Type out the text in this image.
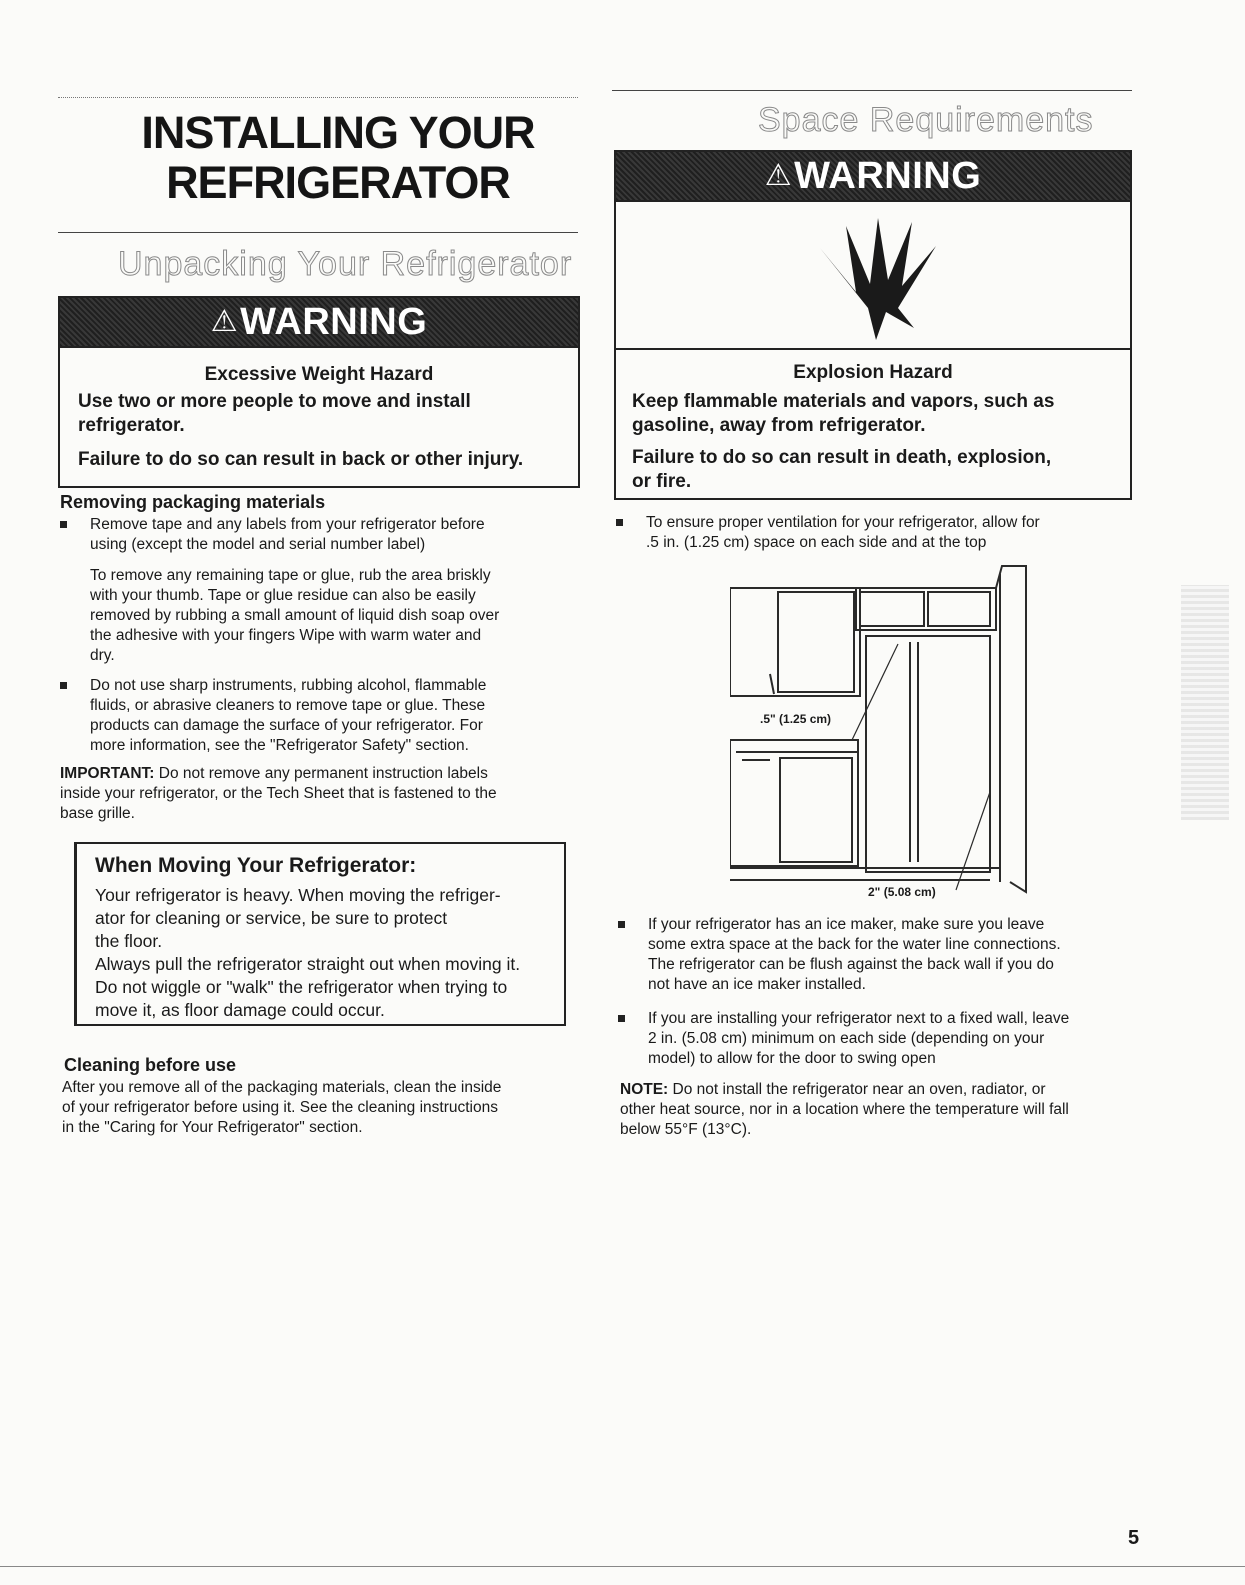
INSTALLING YOUR
REFRIGERATOR
Unpacking Your Refrigerator
⚠WARNING
Excessive Weight Hazard
Use two or more people to move and install
refrigerator.
Failure to do so can result in back or other injury.
Removing packaging materials
Remove tape and any labels from your refrigerator before
using (except the model and serial number label)
To remove any remaining tape or glue, rub the area briskly
with your thumb. Tape or glue residue can also be easily
removed by rubbing a small amount of liquid dish soap over
the adhesive with your fingers Wipe with warm water and
dry.
Do not use sharp instruments, rubbing alcohol, flammable
fluids, or abrasive cleaners to remove tape or glue. These
products can damage the surface of your refrigerator. For
more information, see the "Refrigerator Safety" section.
IMPORTANT: Do not remove any permanent instruction labels
inside your refrigerator, or the Tech Sheet that is fastened to the
base grille.
When Moving Your Refrigerator:
Your refrigerator is heavy. When moving the refriger-
ator for cleaning or service, be sure to protect
the floor.
Always pull the refrigerator straight out when moving it.
Do not wiggle or "walk" the refrigerator when trying to
move it, as floor damage could occur.
Cleaning before use
After you remove all of the packaging materials, clean the inside
of your refrigerator before using it. See the cleaning instructions
in the "Caring for Your Refrigerator" section.
Space Requirements
⚠WARNING
Explosion Hazard
Keep flammable materials and vapors, such as
gasoline, away from refrigerator.
Failure to do so can result in death, explosion,
or fire.
To ensure proper ventilation for your refrigerator, allow for
.5 in. (1.25 cm) space on each side and at the top
.5" (1.25 cm)
2" (5.08 cm)
If your refrigerator has an ice maker, make sure you leave
some extra space at the back for the water line connections.
The refrigerator can be flush against the back wall if you do
not have an ice maker installed.
If you are installing your refrigerator next to a fixed wall, leave
2 in. (5.08 cm) minimum on each side (depending on your
model) to allow for the door to swing open
NOTE: Do not install the refrigerator near an oven, radiator, or
other heat source, nor in a location where the temperature will fall
below 55°F (13°C).
5
